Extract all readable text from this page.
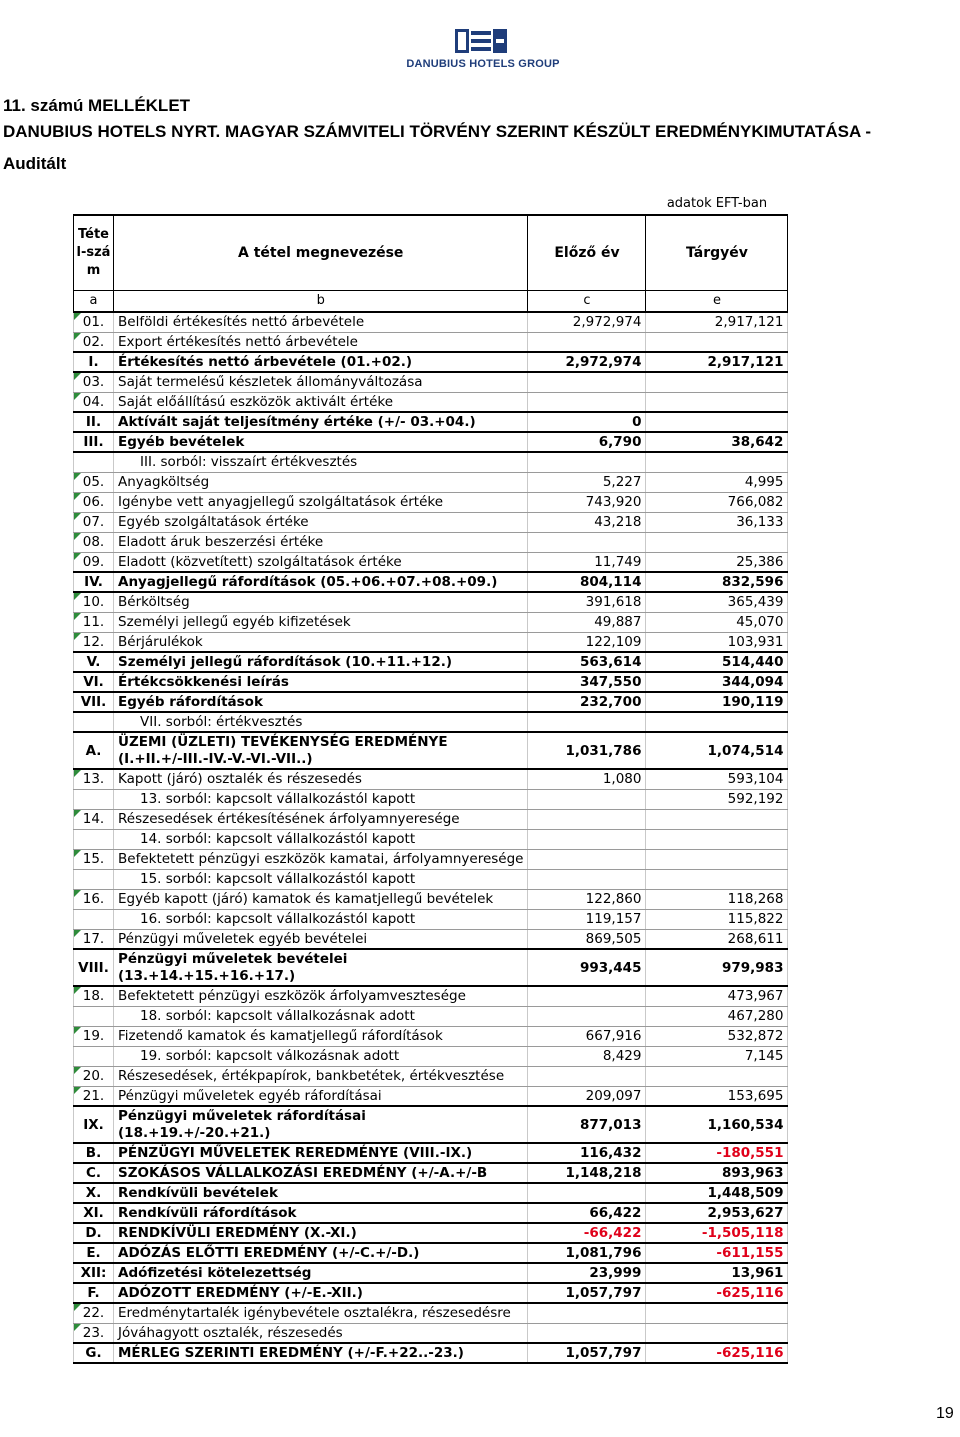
DANUBIUS HOTELS GROUP
11. számú MELLÉKLET
DANUBIUS HOTELS NYRT. MAGYAR SZÁMVITELI TÖRVÉNY SZERINT KÉSZÜLT EREDMÉNYKIMUTATÁSA -
Auditált
			adatok EFT-ban
Tétel-szám	A tétel megnevezése	Előző év	Tárgyév
a	b	c	e
01.	Belföldi értékesítés nettó árbevétele	2,972,974	2,917,121
02.	Export értékesítés nettó árbevétele		
I.	Értékesítés nettó árbevétele (01.+02.)	2,972,974	2,917,121
03.	Saját termelésű készletek állományváltozása		
04.	Saját előállítású eszközök aktivált értéke		
II.	Aktívált saját teljesítmény értéke (+/- 03.+04.)	0	
III.	Egyéb bevételek	6,790	38,642
	III. sorból: visszaírt értékvesztés		
05.	Anyagköltség	5,227	4,995
06.	Igénybe vett anyagjellegű szolgáltatások értéke	743,920	766,082
07.	Egyéb szolgáltatások értéke	43,218	36,133
08.	Eladott áruk beszerzési értéke		
09.	Eladott (közvetített) szolgáltatások értéke	11,749	25,386
IV.	Anyagjellegű ráfordítások (05.+06.+07.+08.+09.)	804,114	832,596
10.	Bérköltség	391,618	365,439
11.	Személyi jellegű egyéb kifizetések	49,887	45,070
12.	Bérjárulékok	122,109	103,931
V.	Személyi jellegű ráfordítások (10.+11.+12.)	563,614	514,440
VI.	Értékcsökkenési leírás	347,550	344,094
VII.	Egyéb ráfordítások	232,700	190,119
	VII. sorból: értékvesztés		
A.	ÜZEMI (ÜZLETI) TEVÉKENYSÉG EREDMÉNYE
(I.+II.+/-III.-IV.-V.-VI.-VII..)	1,031,786	1,074,514
13.	Kapott (járó) osztalék és részesedés	1,080	593,104
	13. sorból: kapcsolt vállalkozástól kapott		592,192
14.	Részesedések értékesítésének árfolyamnyeresége		
	14. sorból: kapcsolt vállalkozástól kapott		
15.	Befektetett pénzügyi eszközök kamatai, árfolyamnyeresége		
	15. sorból: kapcsolt vállalkozástól kapott		
16.	Egyéb kapott (járó) kamatok és kamatjellegű bevételek	122,860	118,268
	16. sorból: kapcsolt vállalkozástól kapott	119,157	115,822
17.	Pénzügyi műveletek egyéb bevételei	869,505	268,611
VIII.	Pénzügyi műveletek bevételei
(13.+14.+15.+16.+17.)	993,445	979,983
18.	Befektetett pénzügyi eszközök árfolyamvesztesége		473,967
	18. sorból: kapcsolt vállalkozásnak adott		467,280
19.	Fizetendő kamatok és kamatjellegű ráfordítások	667,916	532,872
	19. sorból: kapcsolt válkozásnak adott	8,429	7,145
20.	Részesedések, értékpapírok, bankbetétek, értékvesztése		
21.	Pénzügyi műveletek egyéb ráfordításai	209,097	153,695
IX.	Pénzügyi műveletek ráfordításai
(18.+19.+/-20.+21.)	877,013	1,160,534
B.	PÉNZÜGYI MŰVELETEK REREDMÉNYE (VIII.-IX.)	116,432	-180,551
C.	SZOKÁSOS VÁLLALKOZÁSI EREDMÉNY (+/-A.+/-B	1,148,218	893,963
X.	Rendkívüli bevételek		1,448,509
XI.	Rendkívüli ráfordítások	66,422	2,953,627
D.	RENDKÍVÜLI EREDMÉNY (X.-XI.)	-66,422	-1,505,118
E.	ADÓZÁS ELŐTTI EREDMÉNY (+/-C.+/-D.)	1,081,796	-611,155
XII:	Adófizetési kötelezettség	23,999	13,961
F.	ADÓZOTT EREDMÉNY (+/-E.-XII.)	1,057,797	-625,116
22.	Eredménytartalék igénybevétele osztalékra, részesedésre		
23.	Jóváhagyott osztalék, részesedés		
G.	MÉRLEG SZERINTI EREDMÉNY (+/-F.+22..-23.)	1,057,797	-625,116
19
